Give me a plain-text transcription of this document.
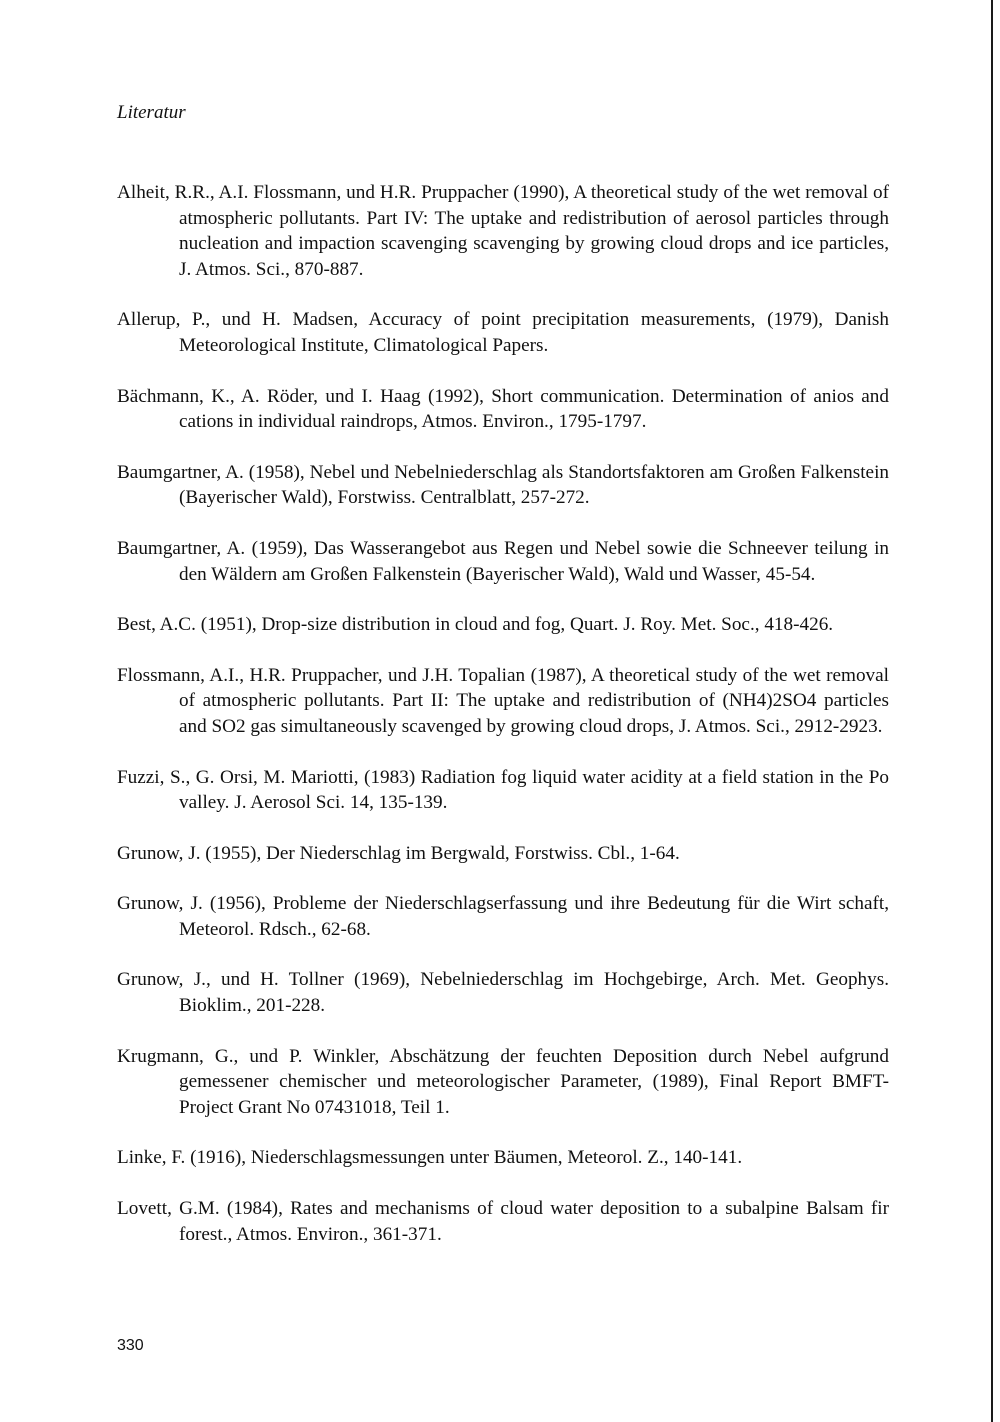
Literatur
Alheit, R.R., A.I. Flossmann, und H.R. Pruppacher (1990), A theoretical study of the wet removal of atmospheric pollutants. Part IV: The uptake and redistribution of aerosol particles through nucleation and impaction scavenging scavenging by growing cloud drops and ice particles, J. Atmos. Sci., 870-887.
Allerup, P., und H. Madsen, Accuracy of point precipitation measurements, (1979), Danish Meteorological Institute, Climatological Papers.
Bächmann, K., A. Röder, und I. Haag (1992), Short communication. Determination of anios and cations in individual raindrops, Atmos. Environ., 1795-1797.
Baumgartner, A. (1958), Nebel und Nebelniederschlag als Standortsfaktoren am Großen Falkenstein (Bayerischer Wald), Forstwiss. Centralblatt, 257-272.
Baumgartner, A. (1959), Das Wasserangebot aus Regen und Nebel sowie die Schneever teilung in den Wäldern am Großen Falkenstein (Bayerischer Wald), Wald und Wasser, 45-54.
Best, A.C. (1951), Drop-size distribution in cloud and fog, Quart. J. Roy. Met. Soc., 418-426.
Flossmann, A.I., H.R. Pruppacher, und J.H. Topalian (1987), A theoretical study of the wet removal of atmospheric pollutants. Part II: The uptake and redistribution of (NH4)2SO4 particles and SO2 gas simultaneously scavenged by growing cloud drops, J. Atmos. Sci., 2912-2923.
Fuzzi, S., G. Orsi, M. Mariotti, (1983) Radiation fog liquid water acidity at a field station in the Po valley. J. Aerosol Sci. 14, 135-139.
Grunow, J. (1955), Der Niederschlag im Bergwald, Forstwiss. Cbl., 1-64.
Grunow, J. (1956), Probleme der Niederschlagserfassung und ihre Bedeutung für die Wirt schaft, Meteorol. Rdsch., 62-68.
Grunow, J., und H. Tollner (1969), Nebelniederschlag im Hochgebirge, Arch. Met. Geophys. Bioklim., 201-228.
Krugmann, G., und P. Winkler, Abschätzung der feuchten Deposition durch Nebel aufgrund gemessener chemischer und meteorologischer Parameter, (1989), Final Report BMFT-Project Grant No 07431018, Teil 1.
Linke, F. (1916), Niederschlagsmessungen unter Bäumen, Meteorol. Z., 140-141.
Lovett, G.M. (1984), Rates and mechanisms of cloud water deposition to a subalpine Balsam fir forest., Atmos. Environ., 361-371.
330
